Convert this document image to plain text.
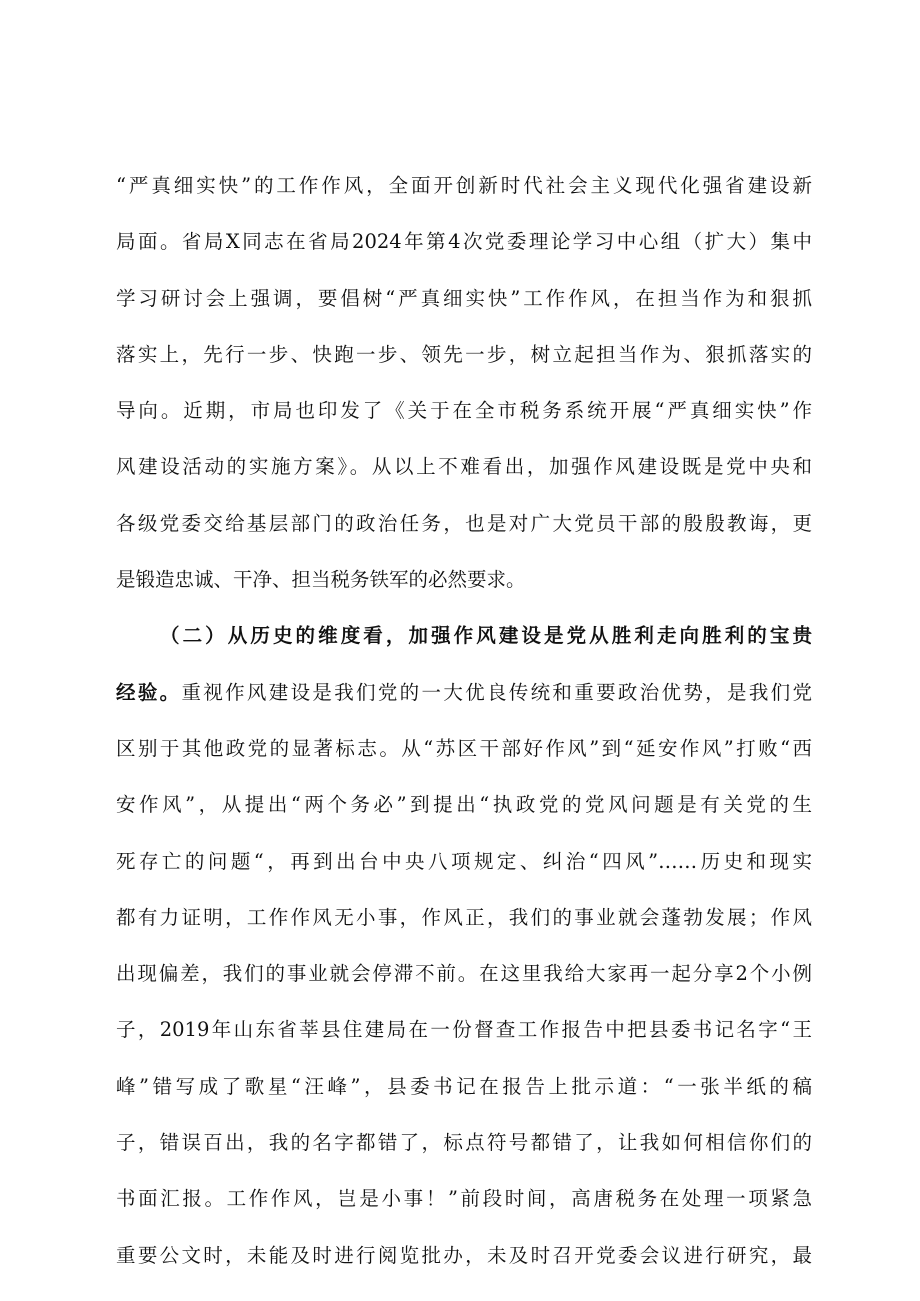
“严真细实快”的工作作风，全面开创新时代社会主义现代化强省建设新
局面。省局X同志在省局2024年第4次党委理论学习中心组（扩大）集中
学习研讨会上强调，要倡树“严真细实快”工作作风，在担当作为和狠抓
落实上，先行一步、快跑一步、领先一步，树立起担当作为、狠抓落实的
导向。近期，市局也印发了《关于在全市税务系统开展“严真细实快”作
风建设活动的实施方案》。从以上不难看出，加强作风建设既是党中央和
各级党委交给基层部门的政治任务，也是对广大党员干部的殷殷教诲，更
是锻造忠诚、干净、担当税务铁军的必然要求。
（二）从历史的维度看，加强作风建设是党从胜利走向胜利的宝贵
经验。重视作风建设是我们党的一大优良传统和重要政治优势，是我们党
区别于其他政党的显著标志。从“苏区干部好作风”到“延安作风”打败“西
安作风”，从提出“两个务必”到提出“执政党的党风问题是有关党的生
死存亡的问题“，再到出台中央八项规定、纠治“四风”……历史和现实
都有力证明，工作作风无小事，作风正，我们的事业就会蓬勃发展；作风
出现偏差，我们的事业就会停滞不前。在这里我给大家再一起分享2个小例
子，2019年山东省莘县住建局在一份督查工作报告中把县委书记名字“王
峰”错写成了歌星“汪峰”，县委书记在报告上批示道：“一张半纸的稿
子，错误百出，我的名字都错了，标点符号都错了，让我如何相信你们的
书面汇报。工作作风，岂是小事！”前段时间，高唐税务在处理一项紧急
重要公文时，未能及时进行阅览批办，未及时召开党委会议进行研究，最
